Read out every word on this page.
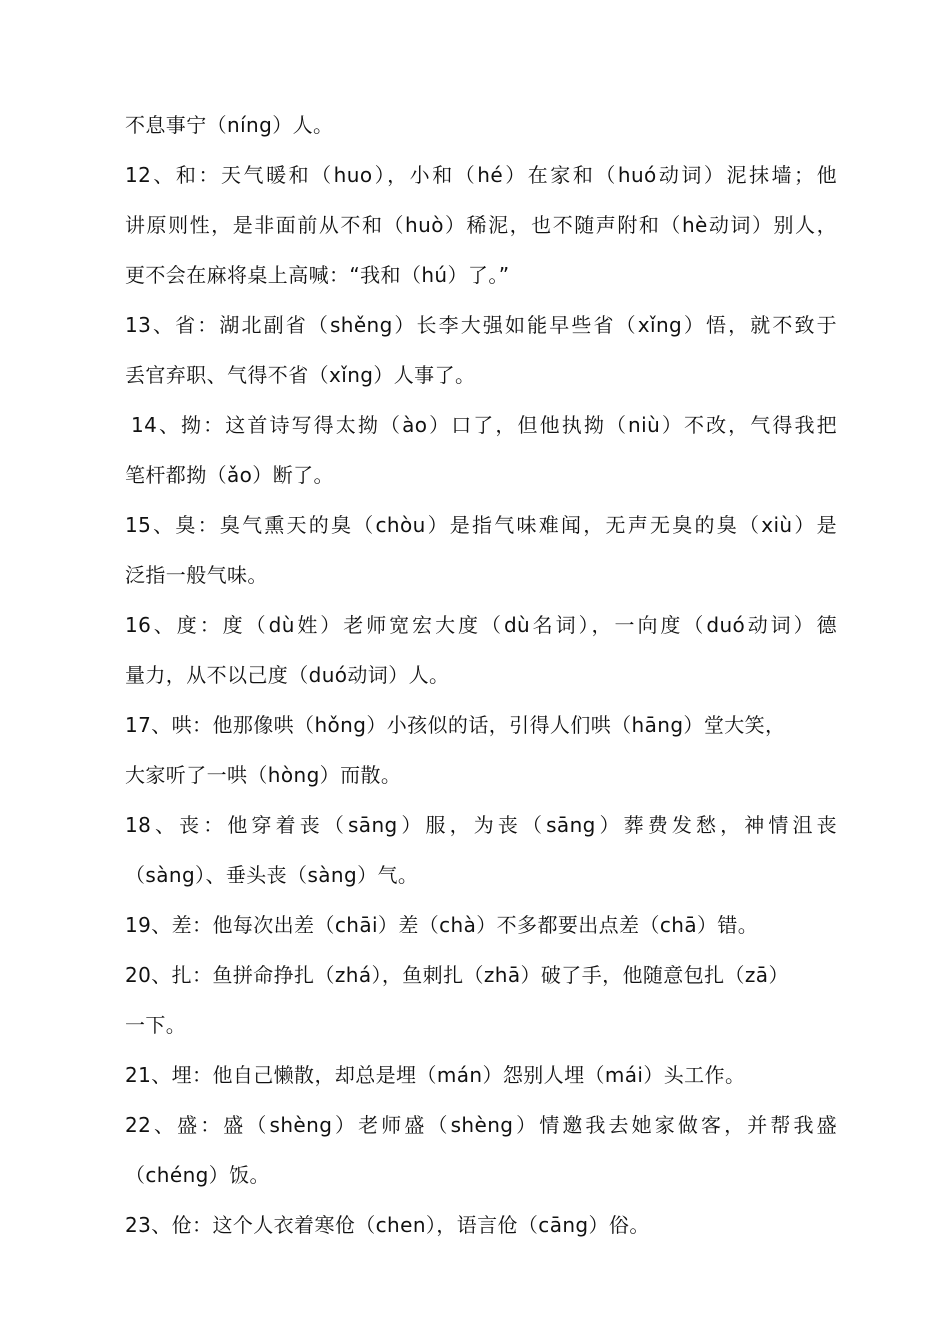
不息事宁（níng）人。
12、和：天气暖和（huo），小和（hé）在家和（huó动词）泥抹墙；他
讲原则性，是非面前从不和（huò）稀泥，也不随声附和（hè动词）别人，
更不会在麻将桌上高喊：“我和（hú）了。”
13、省：湖北副省（shěng）长李大强如能早些省（xǐng）悟，就不致于
丢官弃职、气得不省（xǐng）人事了。
14、拗：这首诗写得太拗（ào）口了，但他执拗（niù）不改，气得我把
笔杆都拗（ǎo）断了。
15、臭：臭气熏天的臭（chòu）是指气味难闻，无声无臭的臭（xiù）是
泛指一般气味。
16、度：度（dù姓）老师宽宏大度（dù名词），一向度（duó动词）德
量力，从不以己度（duó动词）人。
17、哄：他那像哄（hǒng）小孩似的话，引得人们哄（hāng）堂大笑，
大家听了一哄（hòng）而散。
18、丧：他穿着丧（sāng）服，为丧（sāng）葬费发愁，神情沮丧
（sàng）、垂头丧（sàng）气。
19、差：他每次出差（chāi）差（chà）不多都要出点差（chā）错。
20、扎：鱼拼命挣扎（zhá），鱼刺扎（zhā）破了手，他随意包扎（zā）
一下。
21、埋：他自己懒散，却总是埋（mán）怨别人埋（mái）头工作。
22、盛：盛（shèng）老师盛（shèng）情邀我去她家做客，并帮我盛
（chéng）饭。
23、伧：这个人衣着寒伧（chen），语言伧（cāng）俗。
